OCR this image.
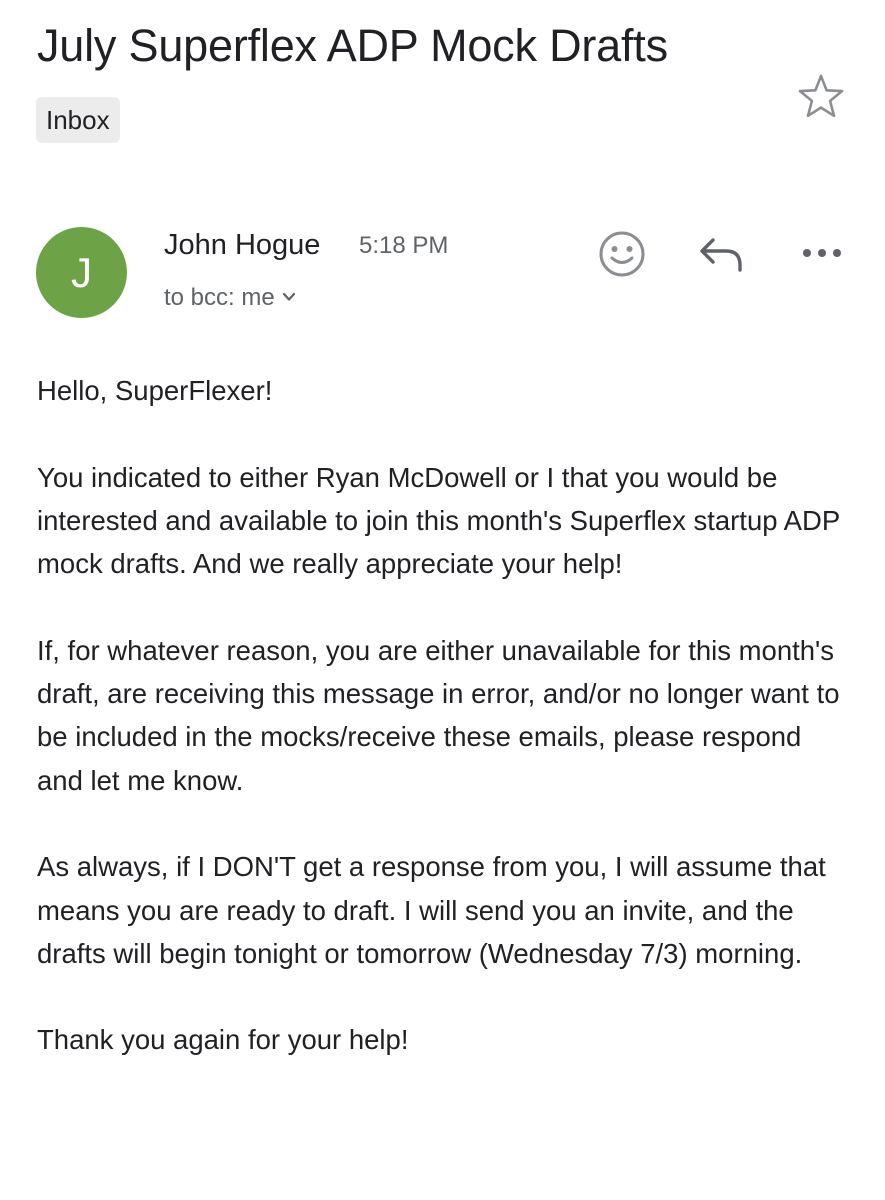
July Superflex ADP Mock Drafts
Inbox
J
John Hogue 5:18 PM
to bcc: me

Hello, SuperFlexer!

You indicated to either Ryan McDowell or I that you would be interested and available to join this month's Superflex startup ADP mock drafts. And we really appreciate your help!

If, for whatever reason, you are either unavailable for this month's draft, are receiving this message in error, and/or no longer want to be included in the mocks/receive these emails, please respond and let me know.

As always, if I DON'T get a response from you, I will assume that means you are ready to draft. I will send you an invite, and the drafts will begin tonight or tomorrow (Wednesday 7/3) morning.

Thank you again for your help!
